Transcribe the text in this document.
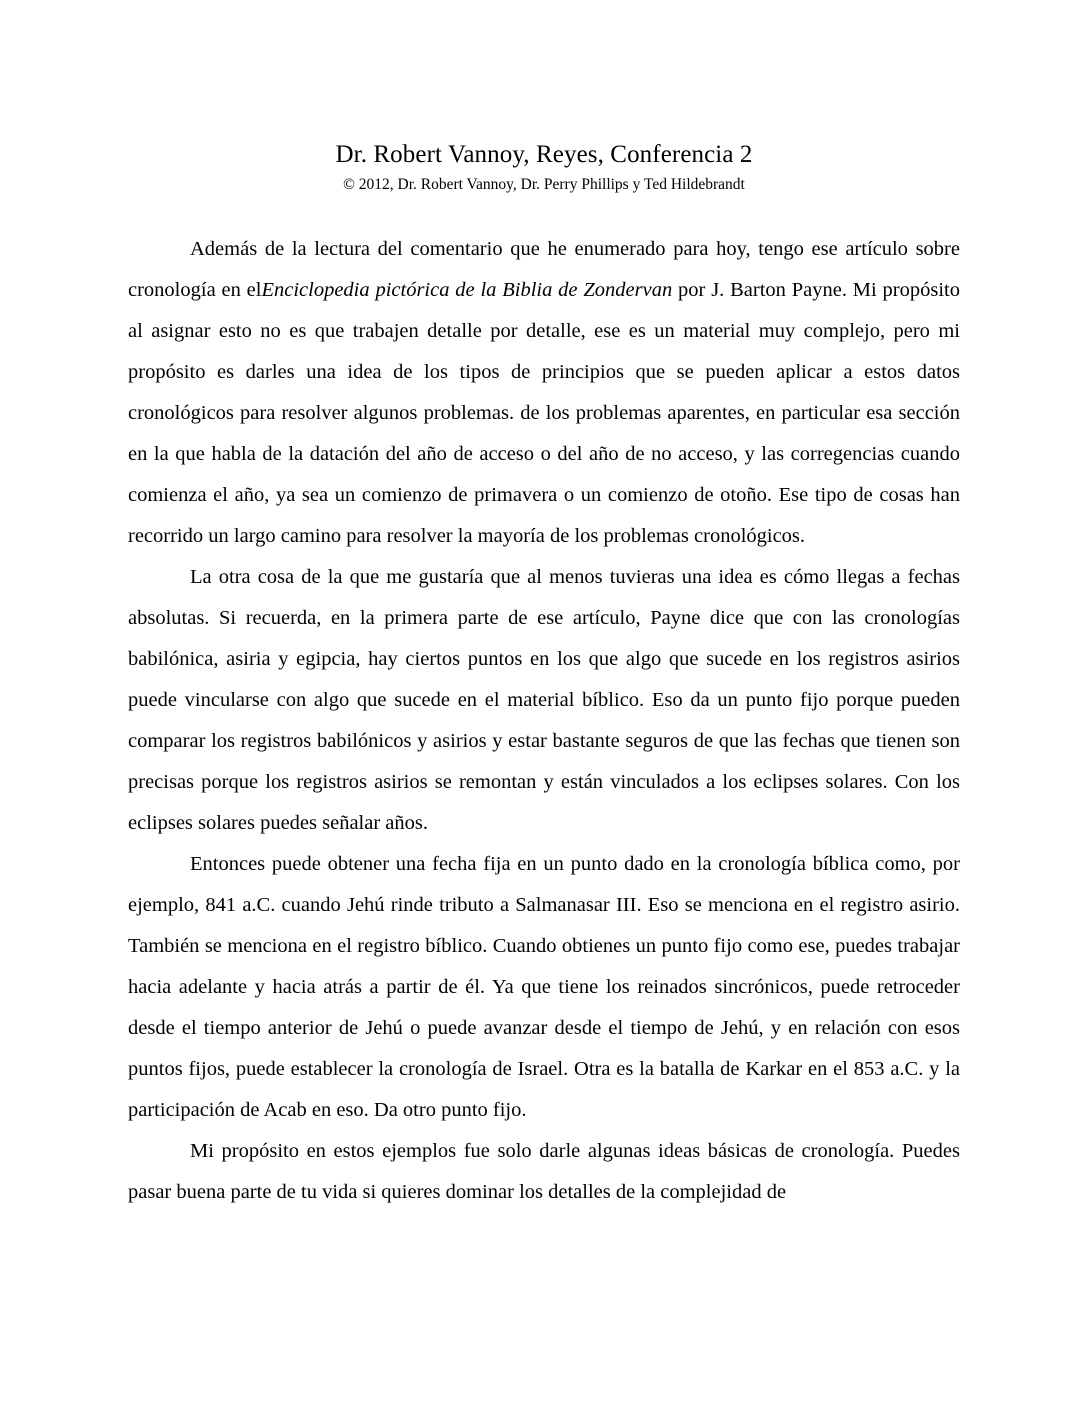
Dr. Robert Vannoy, Reyes, Conferencia 2
© 2012, Dr. Robert Vannoy, Dr. Perry Phillips y Ted Hildebrandt

Además de la lectura del comentario que he enumerado para hoy, tengo ese artículo sobre cronología en elEnciclopedia pictórica de la Biblia de Zondervan por J. Barton Payne. Mi propósito al asignar esto no es que trabajen detalle por detalle, ese es un material muy complejo, pero mi propósito es darles una idea de los tipos de principios que se pueden aplicar a estos datos cronológicos para resolver algunos problemas. de los problemas aparentes, en particular esa sección en la que habla de la datación del año de acceso o del año de no acceso, y las corregencias cuando comienza el año, ya sea un comienzo de primavera o un comienzo de otoño. Ese tipo de cosas han recorrido un largo camino para resolver la mayoría de los problemas cronológicos.

La otra cosa de la que me gustaría que al menos tuvieras una idea es cómo llegas a fechas absolutas. Si recuerda, en la primera parte de ese artículo, Payne dice que con las cronologías babilónica, asiria y egipcia, hay ciertos puntos en los que algo que sucede en los registros asirios puede vincularse con algo que sucede en el material bíblico. Eso da un punto fijo porque pueden comparar los registros babilónicos y asirios y estar bastante seguros de que las fechas que tienen son precisas porque los registros asirios se remontan y están vinculados a los eclipses solares. Con los eclipses solares puedes señalar años.

Entonces puede obtener una fecha fija en un punto dado en la cronología bíblica como, por ejemplo, 841 a.C. cuando Jehú rinde tributo a Salmanasar III. Eso se menciona en el registro asirio. También se menciona en el registro bíblico. Cuando obtienes un punto fijo como ese, puedes trabajar hacia adelante y hacia atrás a partir de él. Ya que tiene los reinados sincrónicos, puede retroceder desde el tiempo anterior de Jehú o puede avanzar desde el tiempo de Jehú, y en relación con esos puntos fijos, puede establecer la cronología de Israel. Otra es la batalla de Karkar en el 853 a.C. y la participación de Acab en eso. Da otro punto fijo.

Mi propósito en estos ejemplos fue solo darle algunas ideas básicas de cronología. Puedes pasar buena parte de tu vida si quieres dominar los detalles de la complejidad de
